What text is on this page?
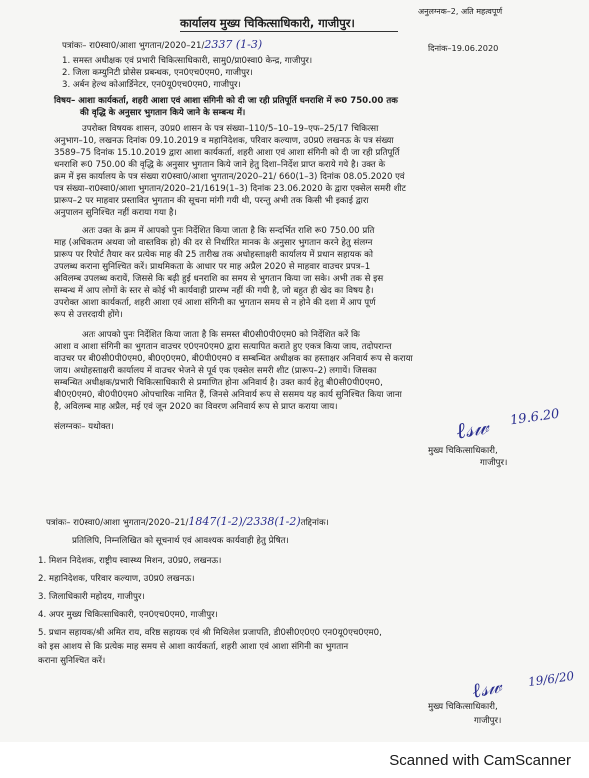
अनुलग्नक–2, अति महत्वपूर्ण
कार्यालय मुख्य चिकित्साधिकारी, गाजीपुर।
पत्रांकः– रा0स्वा0/आशा भुगतान/2020–21/2337 (1-3)	दिनांक–19.06.2020
1. समस्त अधीक्षक एवं प्रभारी चिकित्साधिकारी, सामु0/प्रा0स्वा0 केन्द्र, गाजीपुर।
2. जिला कम्युनिटी प्रोसेस प्रबन्धक, एन0एच0एम0, गाजीपुर।
3. अर्बन हेल्थ कोआर्डिनेटर, एन0यू0एच0एम0, गाजीपुर।
विषय– आशा कार्यकर्ता, शहरी आशा एवं आशा संगिनी को दी जा रही प्रतिपूर्ति धनराशि में रू0 750.00 तक
की वृद्धि के अनुसार भुगतान किये जाने के सम्बन्ध में।
उपरोक्त विषयक शासन, उ0प्र0 शासन के पत्र संख्या–110/5–10–19–एफ–25/17 चिकित्सा
अनुभाग–10, लखनऊ दिनांक 09.10.2019 व महानिदेशक, परिवार कल्याण, उ0प्र0 लखनऊ के पत्र संख्या
3589–75 दिनांक 15.10.2019 द्वारा आशा कार्यकर्ता, शहरी आशा एवं आशा संगिनी को दी जा रही प्रतिपूर्ति
धनराशि रू0 750.00 की वृद्धि के अनुसार भुगतान किये जाने हेतु दिशा–निर्देश प्राप्त कराये गये है। उक्त के
क्रम में इस कार्यालय के पत्र संख्या रा0स्वा0/आशा भुगतान/2020–21/ 660(1–3) दिनांक 08.05.2020 एवं
पत्र संख्या–रा0स्वा0/आशा भुगतान/2020–21/1619(1–3) दिनांक 23.06.2020 के द्वारा एक्सेल समरी शीट
प्रारूप–2 पर माहवार प्रस्तावित भुगतान की सूचना मांगी गयी थी, परन्तु अभी तक किसी भी इकाई द्वारा
अनुपालन सुनिश्चित नहीं कराया गया है।
अतः उक्त के क्रम में आपको पुनः निर्देशित किया जाता है कि सन्दर्भित राशि रू0 750.00 प्रति
माह (अधिकतम अथवा जो वास्तविक हो) की दर से निर्धारित मानक के अनुसार भुगतान करने हेतु संलग्न
प्रारूप पर रिपोर्ट तैयार कर प्रत्येक माह की 25 तारीख तक अधोहस्ताक्षरी कार्यालय में प्रधान सहायक को
उपलब्ध कराना सुनिश्चित करें। प्राथमिकता के आधार पर माह अप्रैल 2020 से माहवार वाउचर प्रपत्र–1
अविलम्ब उपलब्ध करायें, जिससे कि बढ़ी हुई धनराशि का समय से भुगतान किया जा सके। अभी तक से इस
सम्बन्ध में आप लोगों के स्तर से कोई भी कार्यवाही प्रारम्भ नहीं की गयी है, जो बहुत ही खेद का विषय है।
उपरोक्त आशा कार्यकर्ता, शहरी आशा एवं आशा संगिनी का भुगतान समय से न होने की दशा में आप पूर्ण
रूप से उत्तरदायी होंगे।
अतः आपको पुनः निर्देशित किया जाता है कि समस्त बी0सी0पी0एम0 को निर्देशित करें कि
आशा व आशा संगिनी का भुगतान वाउचर ए0एन0एम0 द्वारा सत्यापित कराते हुए एकत्र किया जाय, तदोपरान्त
वाउचर पर बी0सी0पी0एम0, बी0ए0एम0, बी0पी0एम0 व सम्बन्धित अधीक्षक का हस्ताक्षर अनिवार्य रूप से कराया
जाय। अधोहस्ताक्षरी कार्यालय में वाउचर भेजने से पूर्व एक एक्सेल समरी शीट (प्रारूप–2) लगायें। जिसका
सम्बन्धित अधीक्षक/प्रभारी चिकित्साधिकारी से प्रमाणित होना अनिवार्य है। उक्त कार्य हेतु बी0सी0पी0एम0,
बी0ए0एम0, बी0पी0एम0 ओपचारिक नामित हैं, जिनसे अनिवार्य रूप से ससमय यह कार्य सुनिश्चित किया जाना
है, अविलम्ब माह अप्रैल, मई एवं जून 2020 का विवरण अनिवार्य रूप से प्राप्त कराया जाय।
संलग्नकः– यथोक्त।	ℓ𝓈𝓌 19.6.20
मुख्य चिकित्साधिकारी,
गाजीपुर।
पत्रांकः– रा0स्वा0/आशा भुगतान/2020–21/1847(1-2)/2338(1-2)तद्दिनांक।
प्रतिलिपि, निम्नलिखित को सूचनार्थ एवं आवश्यक कार्यवाही हेतु प्रेषित।
1. मिशन निदेशक, राष्ट्रीय स्वास्थ्य मिशन, उ0प्र0, लखनऊ।
2. महानिदेशक, परिवार कल्याण, उ0प्र0 लखनऊ।
3. जिलाधिकारी महोदय, गाजीपुर।
4. अपर मुख्य चिकित्साधिकारी, एन0एच0एम0, गाजीपुर।
5. प्रधान सहायक/श्री अमित राय, वरिष्ठ सहायक एवं श्री मिथिलेश प्रजापति, डी0सी0ए0ए0 एन0यू0एच0एम0,
को इस आशय से कि प्रत्येक माह समय से आशा कार्यकर्ता, शहरी आशा एवं आशा संगिनी का भुगतान
कराना सुनिश्चित करें।
ℓ𝓈𝓌 19/6/20
मुख्य चिकित्साधिकारी,
गाजीपुर।
Scanned with CamScanner
